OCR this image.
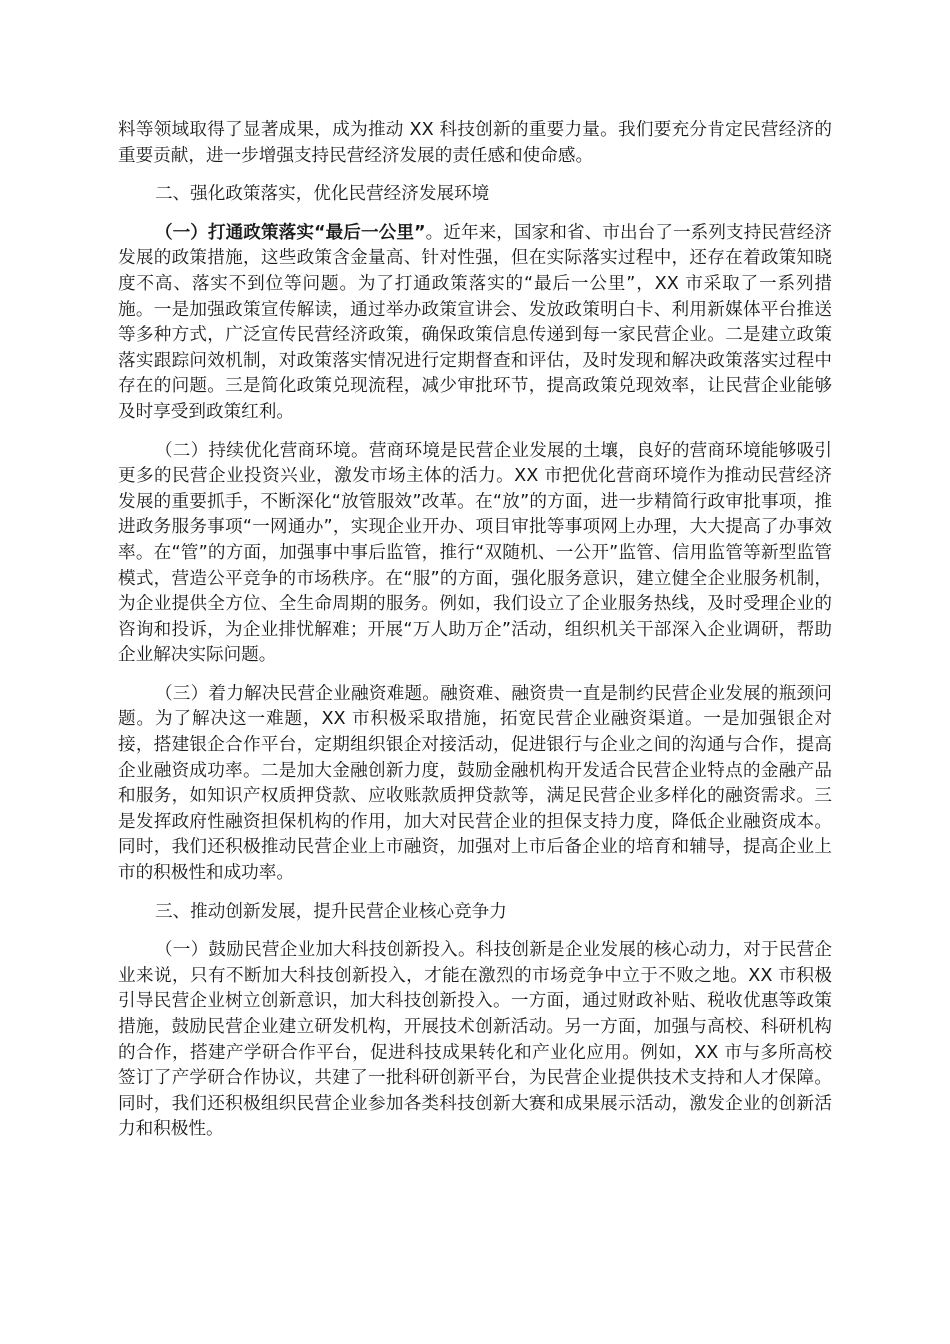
料等领域取得了显著成果，成为推动 XX 科技创新的重要力量。我们要充分肯定民营经济的重要贡献，进一步增强支持民营经济发展的责任感和使命感。

二、强化政策落实，优化民营经济发展环境

（一）打通政策落实“最后一公里”。近年来，国家和省、市出台了一系列支持民营经济发展的政策措施，这些政策含金量高、针对性强，但在实际落实过程中，还存在着政策知晓度不高、落实不到位等问题。为了打通政策落实的“最后一公里”，XX 市采取了一系列措施。一是加强政策宣传解读，通过举办政策宣讲会、发放政策明白卡、利用新媒体平台推送等多种方式，广泛宣传民营经济政策，确保政策信息传递到每一家民营企业。二是建立政策落实跟踪问效机制，对政策落实情况进行定期督查和评估，及时发现和解决政策落实过程中存在的问题。三是简化政策兑现流程，减少审批环节，提高政策兑现效率，让民营企业能够及时享受到政策红利。

（二）持续优化营商环境。营商环境是民营企业发展的土壤，良好的营商环境能够吸引更多的民营企业投资兴业，激发市场主体的活力。XX 市把优化营商环境作为推动民营经济发展的重要抓手，不断深化“放管服效”改革。在“放”的方面，进一步精简行政审批事项，推进政务服务事项“一网通办”，实现企业开办、项目审批等事项网上办理，大大提高了办事效率。在“管”的方面，加强事中事后监管，推行“双随机、一公开”监管、信用监管等新型监管模式，营造公平竞争的市场秩序。在“服”的方面，强化服务意识，建立健全企业服务机制，为企业提供全方位、全生命周期的服务。例如，我们设立了企业服务热线，及时受理企业的咨询和投诉，为企业排忧解难；开展“万人助万企”活动，组织机关干部深入企业调研，帮助企业解决实际问题。

（三）着力解决民营企业融资难题。融资难、融资贵一直是制约民营企业发展的瓶颈问题。为了解决这一难题，XX 市积极采取措施，拓宽民营企业融资渠道。一是加强银企对接，搭建银企合作平台，定期组织银企对接活动，促进银行与企业之间的沟通与合作，提高企业融资成功率。二是加大金融创新力度，鼓励金融机构开发适合民营企业特点的金融产品和服务，如知识产权质押贷款、应收账款质押贷款等，满足民营企业多样化的融资需求。三是发挥政府性融资担保机构的作用，加大对民营企业的担保支持力度，降低企业融资成本。同时，我们还积极推动民营企业上市融资，加强对上市后备企业的培育和辅导，提高企业上市的积极性和成功率。

三、推动创新发展，提升民营企业核心竞争力

（一）鼓励民营企业加大科技创新投入。科技创新是企业发展的核心动力，对于民营企业来说，只有不断加大科技创新投入，才能在激烈的市场竞争中立于不败之地。XX 市积极引导民营企业树立创新意识，加大科技创新投入。一方面，通过财政补贴、税收优惠等政策措施，鼓励民营企业建立研发机构，开展技术创新活动。另一方面，加强与高校、科研机构的合作，搭建产学研合作平台，促进科技成果转化和产业化应用。例如，XX 市与多所高校签订了产学研合作协议，共建了一批科研创新平台，为民营企业提供技术支持和人才保障。同时，我们还积极组织民营企业参加各类科技创新大赛和成果展示活动，激发企业的创新活力和积极性。
